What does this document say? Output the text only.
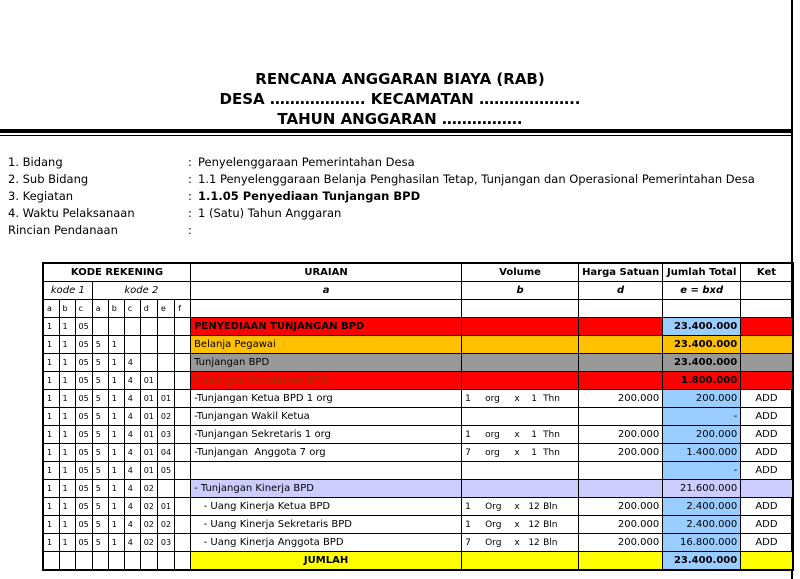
RENCANA ANGGARAN BIAYA (RAB)
DESA ………………. KECAMATAN ………………..
TAHUN ANGGARAN …………….
1. Bidang	: Penyelenggaraan Pemerintahan Desa
2. Sub Bidang	: 1.1 Penyelenggaraan Belanja Penghasilan Tetap, Tunjangan dan Operasional Pemerintahan Desa
3. Kegiatan	: 1.1.05 Penyediaan Tunjangan BPD
4. Waktu Pelaksanaan	: 1 (Satu) Tahun Anggaran
Rincian Pendanaan	:
KODE REKENING									URAIAN	Volume	Harga Satuan	Jumlah Total	Ket
kode 1			kode 2						a	b	d	e = bxd	
a	b	c	a	b	c	d	e	f					
1	1	05							PENYEDIAAN TUNJANGAN BPD			23.400.000	
1	1	05	5	1					Belanja Pegawai			23.400.000	
1	1	05	5	1	4				Tunjangan BPD			23.400.000	
1	1	05	5	1	4	01			Tunjangan Kedudukan BPD			1.800.000	
1	1	05	5	1	4	01	01		-Tunjangan Ketua BPD 1 org	1 org x 1 Thn	200.000	200.000	ADD
1	1	05	5	1	4	01	02		-Tunjangan Wakil Ketua			-	ADD
1	1	05	5	1	4	01	03		-Tunjangan Sekretaris 1 org	1 org x 1 Thn	200.000	200.000	ADD
1	1	05	5	1	4	01	04		-Tunjangan  Anggota 7 org	7 org x 1 Thn	200.000	1.400.000	ADD
1	1	05	5	1	4	01	05					-	ADD
1	1	05	5	1	4	02			- Tunjangan Kinerja BPD			21.600.000	
1	1	05	5	1	4	02	01		- Uang Kinerja Ketua BPD	1 Org x 12 Bln	200.000	2.400.000	ADD
1	1	05	5	1	4	02	02		- Uang Kinerja Sekretaris BPD	1 Org x 12 Bln	200.000	2.400.000	ADD
1	1	05	5	1	4	02	03		- Uang Kinerja Anggota BPD	7 Org x 12 Bln	200.000	16.800.000	ADD
									JUMLAH			23.400.000	
